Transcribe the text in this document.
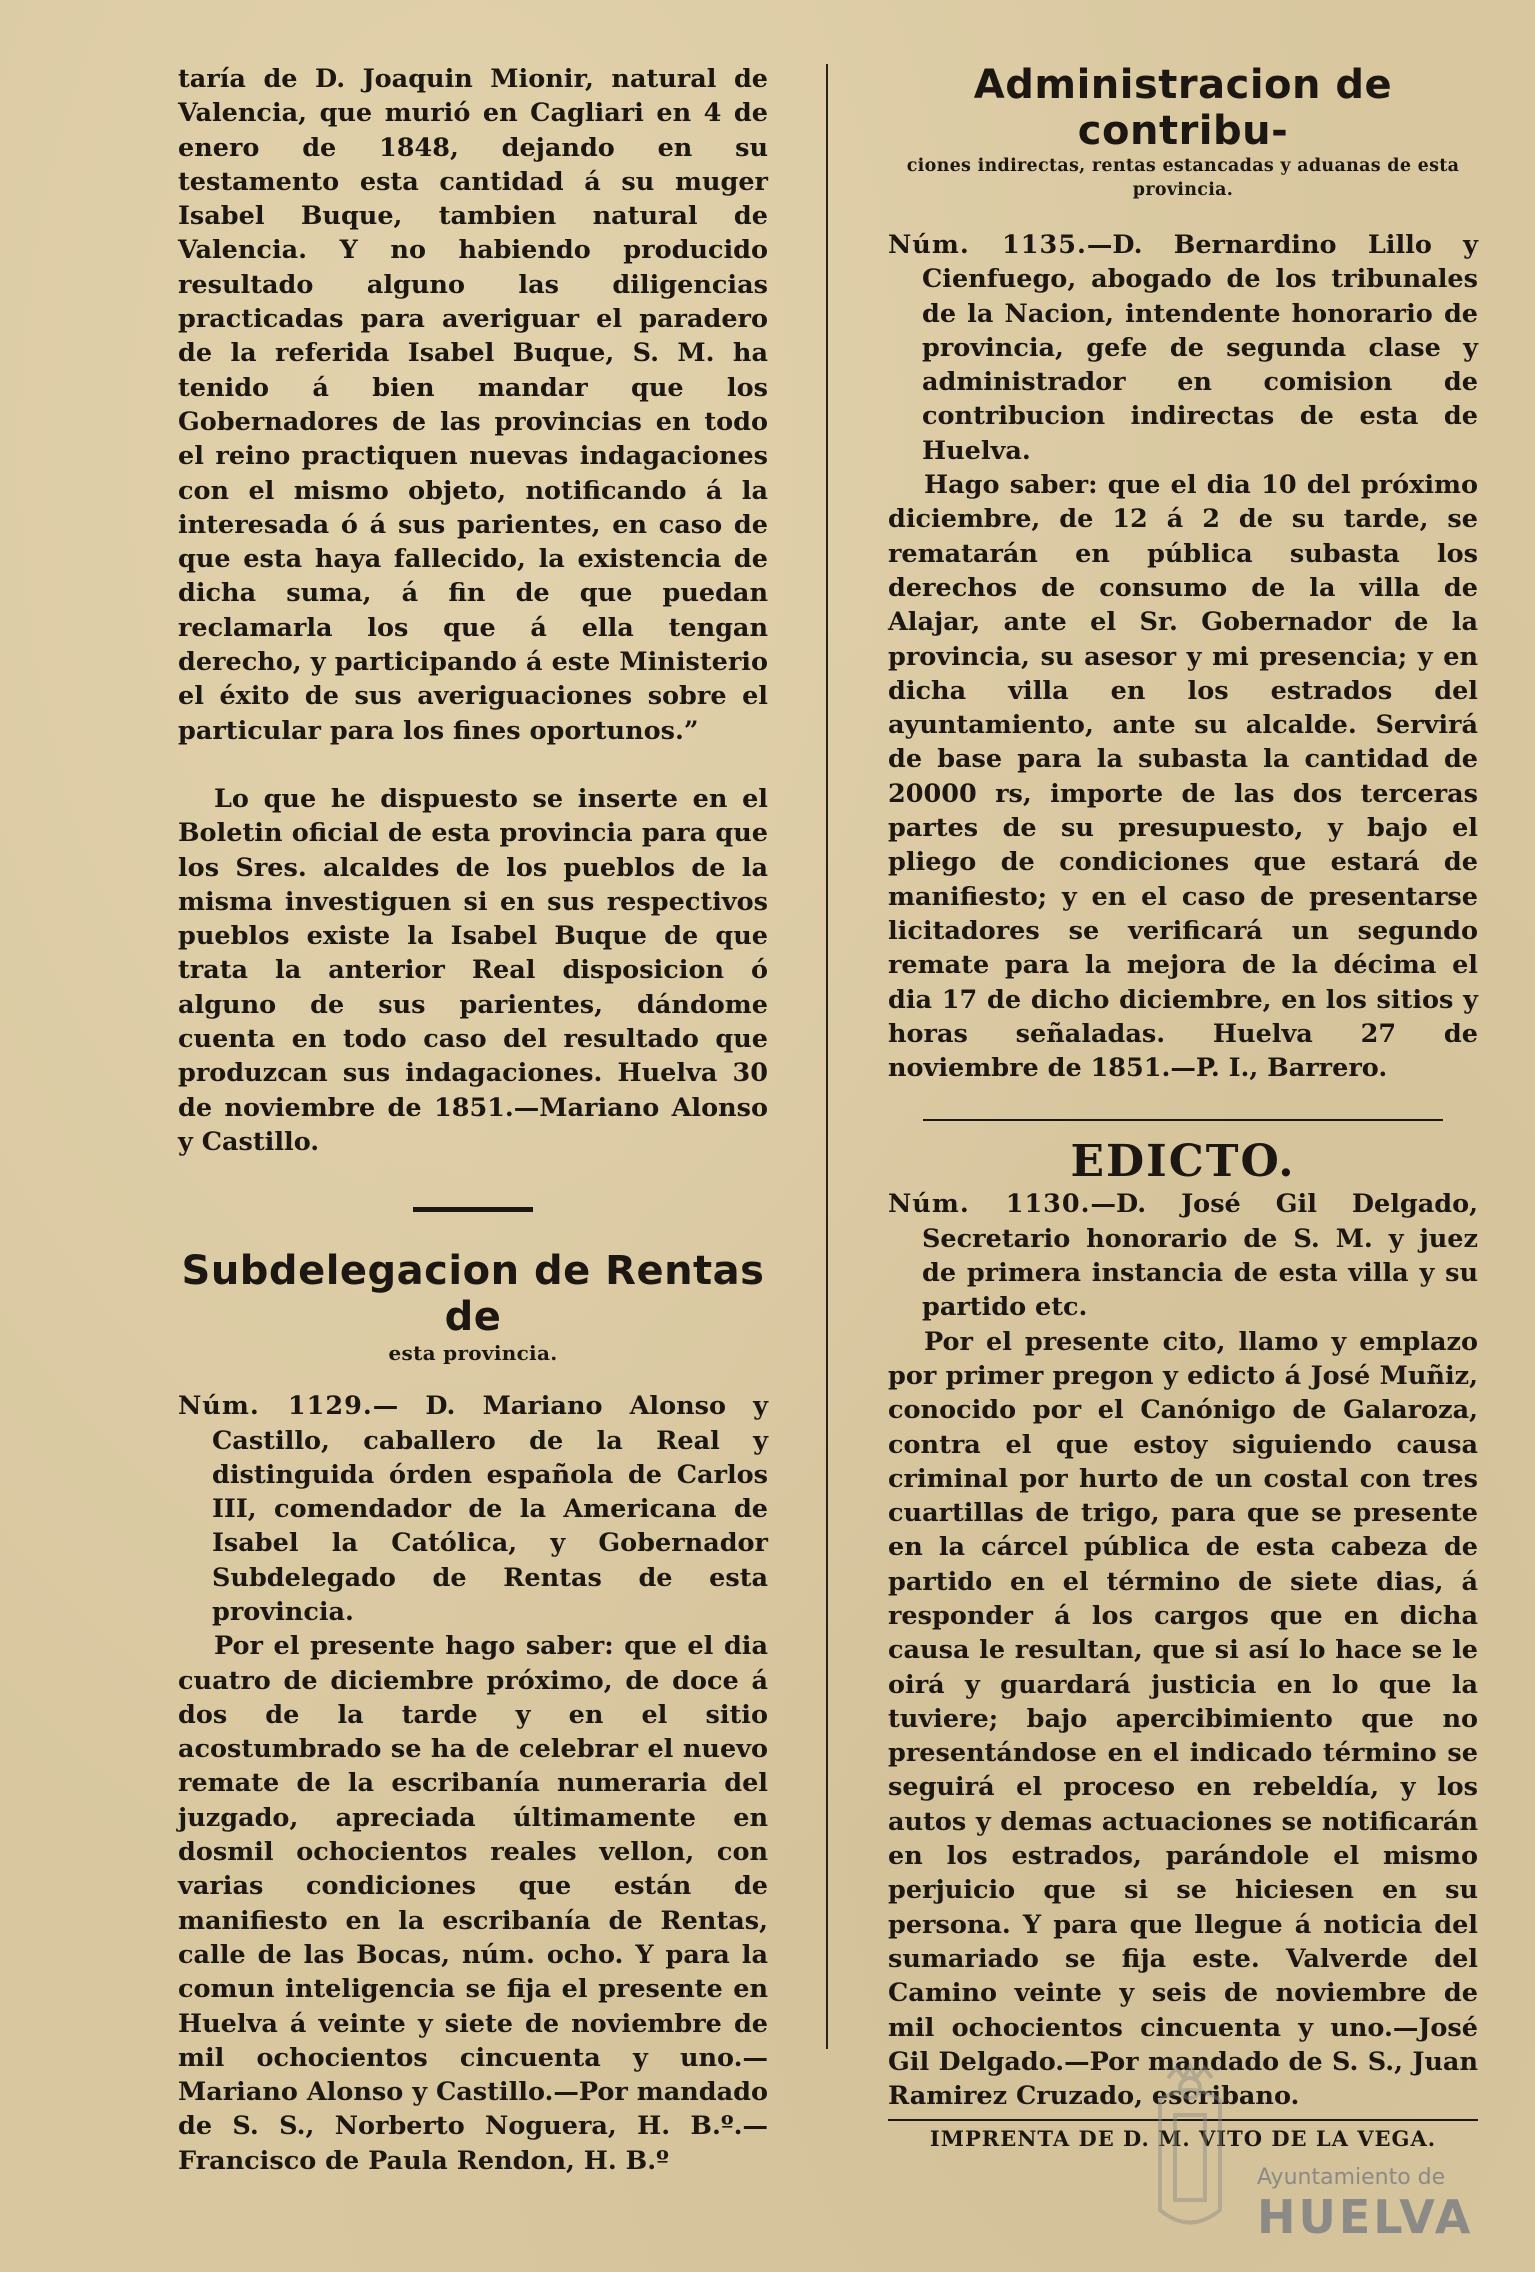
taría de D. Joaquin Mionir, natural de Valencia, que murió en Cagliari en 4 de enero de 1848, dejando en su testamento esta cantidad á su muger Isabel Buque, tambien natural de Valencia. Y no habiendo producido resultado alguno las diligencias practicadas para averiguar el paradero de la referida Isabel Buque, S. M. ha tenido á bien mandar que los Gobernadores de las provincias en todo el reino practiquen nuevas indagaciones con el mismo objeto, notificando á la interesada ó á sus parientes, en caso de que esta haya fallecido, la existencia de dicha suma, á fin de que puedan reclamarla los que á ella tengan derecho, y participando á este Ministerio el éxito de sus averiguaciones sobre el particular para los fines oportunos.”

Lo que he dispuesto se inserte en el Boletin oficial de esta provincia para que los Sres. alcaldes de los pueblos de la misma investiguen si en sus respectivos pueblos existe la Isabel Buque de que trata la anterior Real disposicion ó alguno de sus parientes, dándome cuenta en todo caso del resultado que produzcan sus indagaciones. Huelva 30 de noviembre de 1851.—Mariano Alonso y Castillo.

Subdelegacion de Rentas de
esta provincia.

Núm. 1129.— D. Mariano Alonso y Castillo, caballero de la Real y distinguida órden española de Carlos III, comendador de la Americana de Isabel la Católica, y Gobernador Subdelegado de Rentas de esta provincia.

Por el presente hago saber: que el dia cuatro de diciembre próximo, de doce á dos de la tarde y en el sitio acostumbrado se ha de celebrar el nuevo remate de la escribanía numeraria del juzgado, apreciada últimamente en dosmil ochocientos reales vellon, con varias condiciones que están de manifiesto en la escribanía de Rentas, calle de las Bocas, núm. ocho. Y para la comun inteligencia se fija el presente en Huelva á veinte y siete de noviembre de mil ochocientos cincuenta y uno.—Mariano Alonso y Castillo.—Por mandado de S. S., Norberto Noguera, H. B.º.—Francisco de Paula Rendon, H. B.º

Administracion de contribu-
ciones indirectas, rentas estancadas y aduanas de esta provincia.

Núm. 1135.—D. Bernardino Lillo y Cienfuego, abogado de los tribunales de la Nacion, intendente honorario de provincia, gefe de segunda clase y administrador en comision de contribucion indirectas de esta de Huelva.

Hago saber: que el dia 10 del próximo diciembre, de 12 á 2 de su tarde, se rematarán en pública subasta los derechos de consumo de la villa de Alajar, ante el Sr. Gobernador de la provincia, su asesor y mi presencia; y en dicha villa en los estrados del ayuntamiento, ante su alcalde. Servirá de base para la subasta la cantidad de 20000 rs, importe de las dos terceras partes de su presupuesto, y bajo el pliego de condiciones que estará de manifiesto; y en el caso de presentarse licitadores se verificará un segundo remate para la mejora de la décima el dia 17 de dicho diciembre, en los sitios y horas señaladas. Huelva 27 de noviembre de 1851.—P. I., Barrero.

EDICTO.

Núm. 1130.—D. José Gil Delgado, Secretario honorario de S. M. y juez de primera instancia de esta villa y su partido etc.

Por el presente cito, llamo y emplazo por primer pregon y edicto á José Muñiz, conocido por el Canónigo de Galaroza, contra el que estoy siguiendo causa criminal por hurto de un costal con tres cuartillas de trigo, para que se presente en la cárcel pública de esta cabeza de partido en el término de siete dias, á responder á los cargos que en dicha causa le resultan, que si así lo hace se le oirá y guardará justicia en lo que la tuviere; bajo apercibimiento que no presentándose en el indicado término se seguirá el proceso en rebeldía, y los autos y demas actuaciones se notificarán en los estrados, parándole el mismo perjuicio que si se hiciesen en su persona. Y para que llegue á noticia del sumariado se fija este. Valverde del Camino veinte y seis de noviembre de mil ochocientos cincuenta y uno.—José Gil Delgado.—Por mandado de S. S., Juan Ramirez Cruzado, escribano.

IMPRENTA DE D. M. VITO DE LA VEGA.
Ayuntamiento de
HUELVA
